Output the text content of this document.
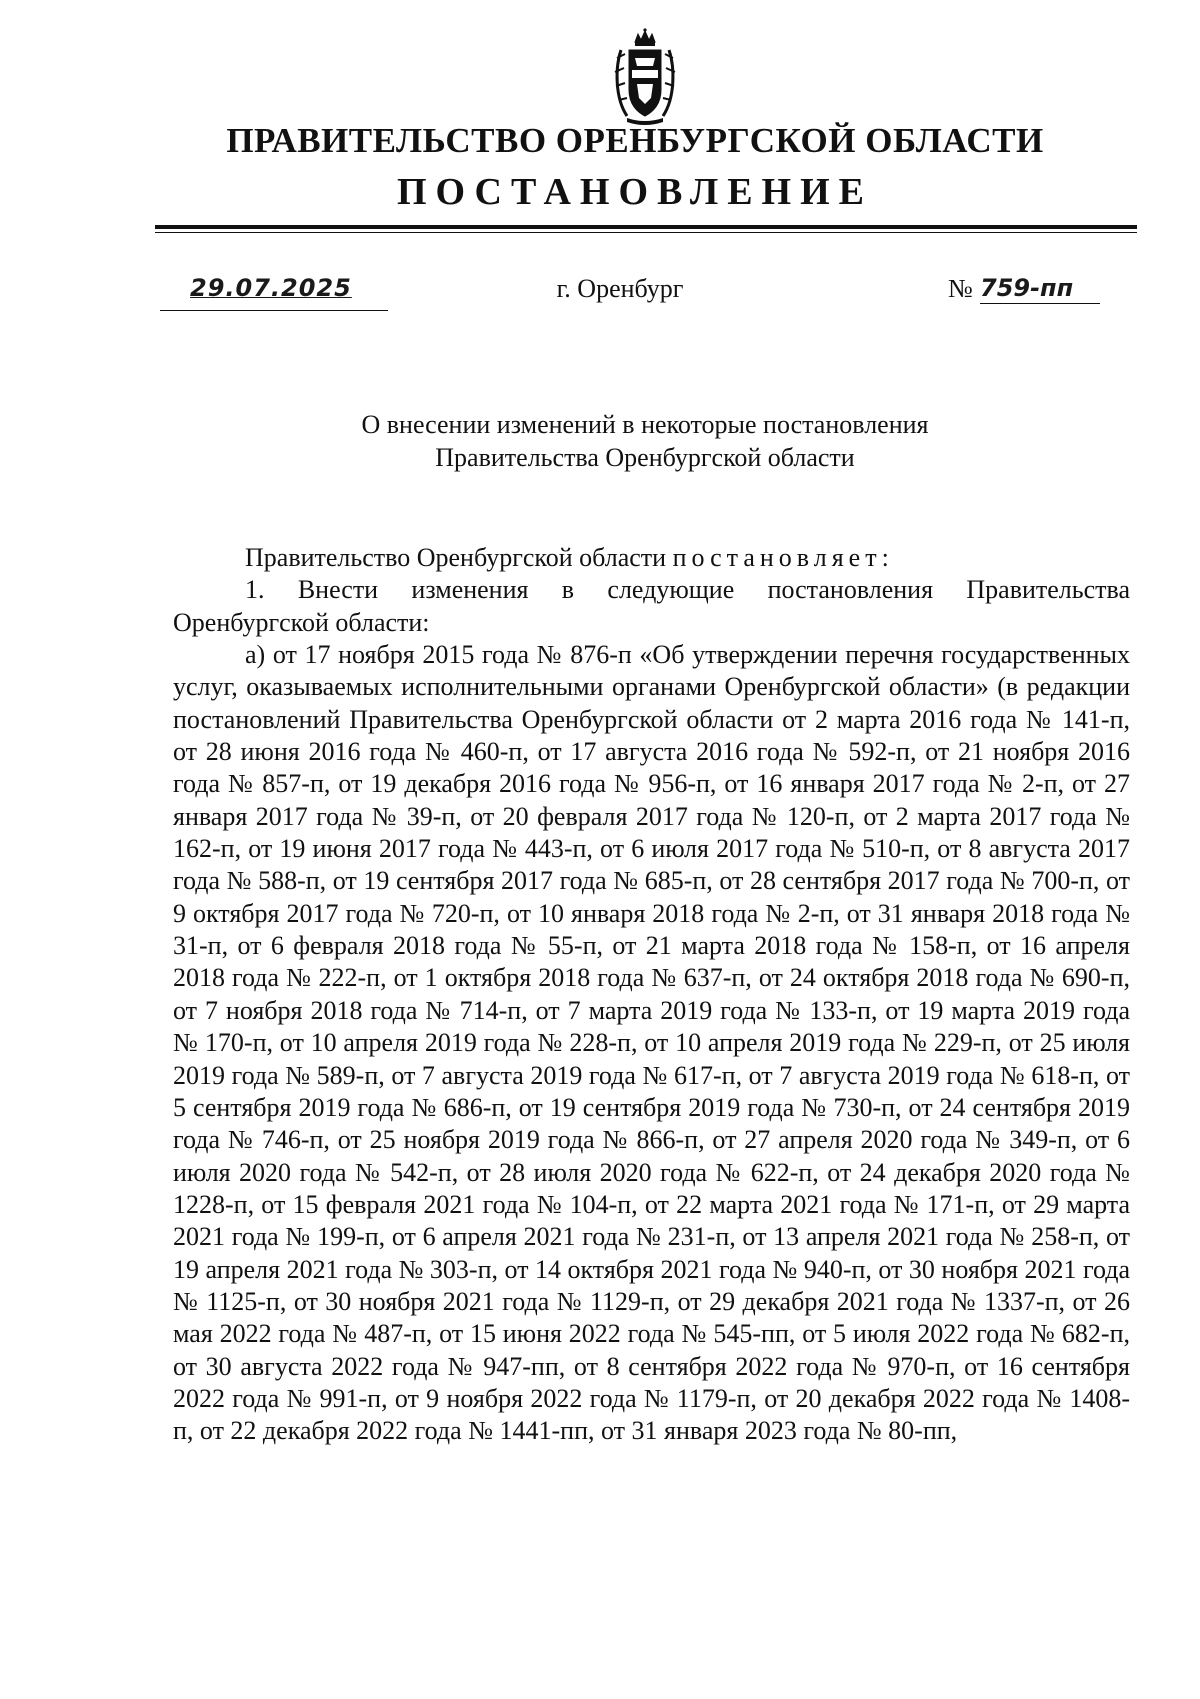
ПРАВИТЕЛЬСТВО ОРЕНБУРГСКОЙ ОБЛАСТИ
ПОСТАНОВЛЕНИЕ
29.07.2025	г. Оренбург	№ 759-пп
О внесении изменений в некоторые постановления
Правительства Оренбургской области

Правительство Оренбургской области постановляет:

1. Внести изменения в следующие постановления Правительства Оренбургской области:

а) от 17 ноября 2015 года № 876-п «Об утверждении перечня государственных услуг, оказываемых исполнительными органами Оренбургской области» (в редакции постановлений Правительства Оренбургской области от 2 марта 2016 года № 141-п, от 28 июня 2016 года № 460-п, от 17 августа 2016 года № 592-п, от 21 ноября 2016 года № 857-п, от 19 декабря 2016 года № 956-п, от 16 января 2017 года № 2-п, от 27 января 2017 года № 39-п, от 20 февраля 2017 года № 120-п, от 2 марта 2017 года № 162-п, от 19 июня 2017 года № 443-п, от 6 июля 2017 года № 510-п, от 8 августа 2017 года № 588-п, от 19 сентября 2017 года № 685-п, от 28 сентября 2017 года № 700-п, от 9 октября 2017 года № 720-п, от 10 января 2018 года № 2-п, от 31 января 2018 года № 31-п, от 6 февраля 2018 года № 55-п, от 21 марта 2018 года № 158-п, от 16 апреля 2018 года № 222-п, от 1 октября 2018 года № 637-п, от 24 октября 2018 года № 690-п, от 7 ноября 2018 года № 714-п, от 7 марта 2019 года № 133-п, от 19 марта 2019 года № 170-п, от 10 апреля 2019 года № 228-п, от 10 апреля 2019 года № 229-п, от 25 июля 2019 года № 589-п, от 7 августа 2019 года № 617-п, от 7 августа 2019 года № 618-п, от 5 сентября 2019 года № 686-п, от 19 сентября 2019 года № 730-п, от 24 сентября 2019 года № 746-п, от 25 ноября 2019 года № 866-п, от 27 апреля 2020 года № 349-п, от 6 июля 2020 года № 542-п, от 28 июля 2020 года № 622-п, от 24 декабря 2020 года № 1228-п, от 15 февраля 2021 года № 104-п, от 22 марта 2021 года № 171-п, от 29 марта 2021 года № 199-п, от 6 апреля 2021 года № 231-п, от 13 апреля 2021 года № 258-п, от 19 апреля 2021 года № 303-п, от 14 октября 2021 года № 940-п, от 30 ноября 2021 года № 1125-п, от 30 ноября 2021 года № 1129-п, от 29 декабря 2021 года № 1337-п, от 26 мая 2022 года № 487-п, от 15 июня 2022 года № 545-пп, от 5 июля 2022 года № 682-п, от 30 августа 2022 года № 947-пп, от 8 сентября 2022 года № 970-п, от 16 сентября 2022 года № 991-п, от 9 ноября 2022 года № 1179-п, от 20 декабря 2022 года № 1408-п, от 22 декабря 2022 года № 1441-пп, от 31 января 2023 года № 80-пп,
